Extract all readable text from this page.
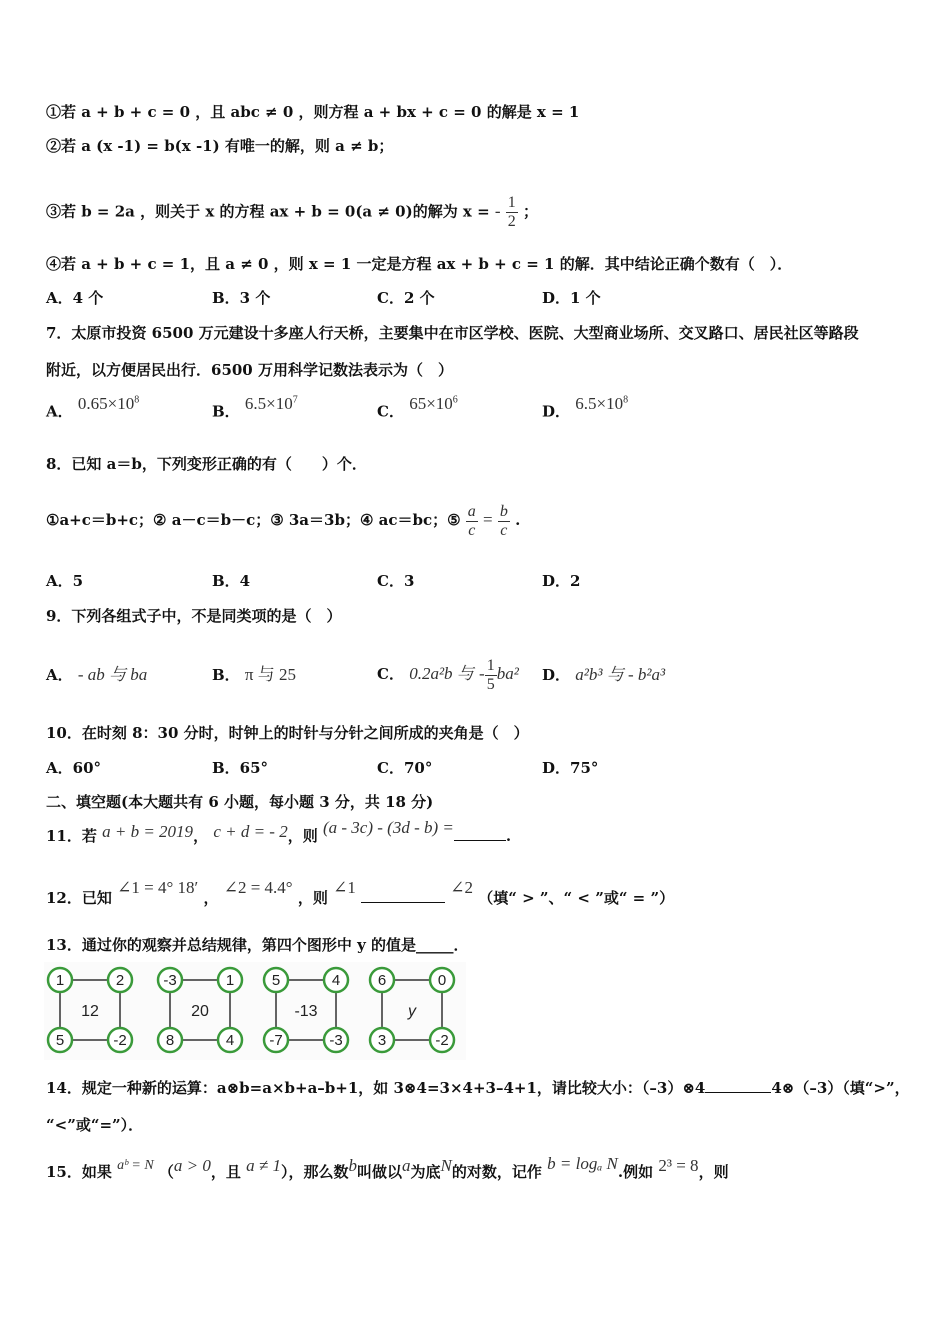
①若 a + b + c = 0 ，且 abc ≠ 0 ，则方程 a + bx + c = 0 的解是 x = 1
②若 a (x -1) = b(x -1) 有唯一的解，则 a ≠ b；
③若 b = 2a ，则关于 x 的方程 ax + b = 0(a ≠ 0)的解为 x = - $\frac{1}{2}$ ；
④若 a + b + c = 1，且 a ≠ 0 ，则 x = 1 一定是方程 ax + b + c = 1 的解．其中结论正确个数有（　）．
A．4 个	B．3 个	C．2 个	D．1 个
7．太原市投资 6500 万元建设十多座人行天桥，主要集中在市区学校、医院、大型商业场所、交叉路口、居民社区等路段
附近，以方便居民出行．6500 万用科学记数法表示为（　）
A． $0.65\times 10^8$
B． $6.5\times 10^7$
C． $65\times 10^6$
D． $6.5\times 10^8$
8．已知 a＝b，下列变形正确的有（　　）个．
①a+c＝b+c；② a－c＝b－c；③ 3a＝3b；④ ac＝bc；⑤ $\frac{a}{c} = \frac{b}{c}$ .
A．5	B．4	C．3	D．2
9．下列各组式子中，不是同类项的是（　）
A． - ab 与 ba	B． π 与 25	C． 0.2a²b 与 - $\frac{1}{5} ba^2$ D． a²b³ 与 - b²a³
10．在时刻 8：30 分时，时钟上的时针与分针之间所成的夹角是（　）
A．60°	B．65°	C．70°	D．75°
二、填空题(本大题共有 6 小题，每小题 3 分，共 18 分)
11．若 a + b = 2019， c + d = - 2，则 (a - 3c) - (3d - b) =	.
12．已知 ∠1 = 4° 18′ ， ∠2 = 4.4° ，则 ∠1	∠2 （填“ > ”、“ < ”或“ = ”）
13．通过你的观察并总结规律，第四个图形中 y 的值是_____．
14．规定一种新的运算：a⊗b=a×b+a–b+1，如 3⊗4=3×4+3–4+1，请比较大小：（–3）⊗4	4⊗（–3）（填“>”，
“<”或“=”）．
15．如果 aᵇ = N （a > 0，且 a ≠ 1），那么数b叫做以a为底N的对数，记作 b = logₐ N.例如 2³ = 8，则
1	2
5	-2
12
-3	1
8	4
20
5	4
-7	-3
-13
6	0
3	-2
y
